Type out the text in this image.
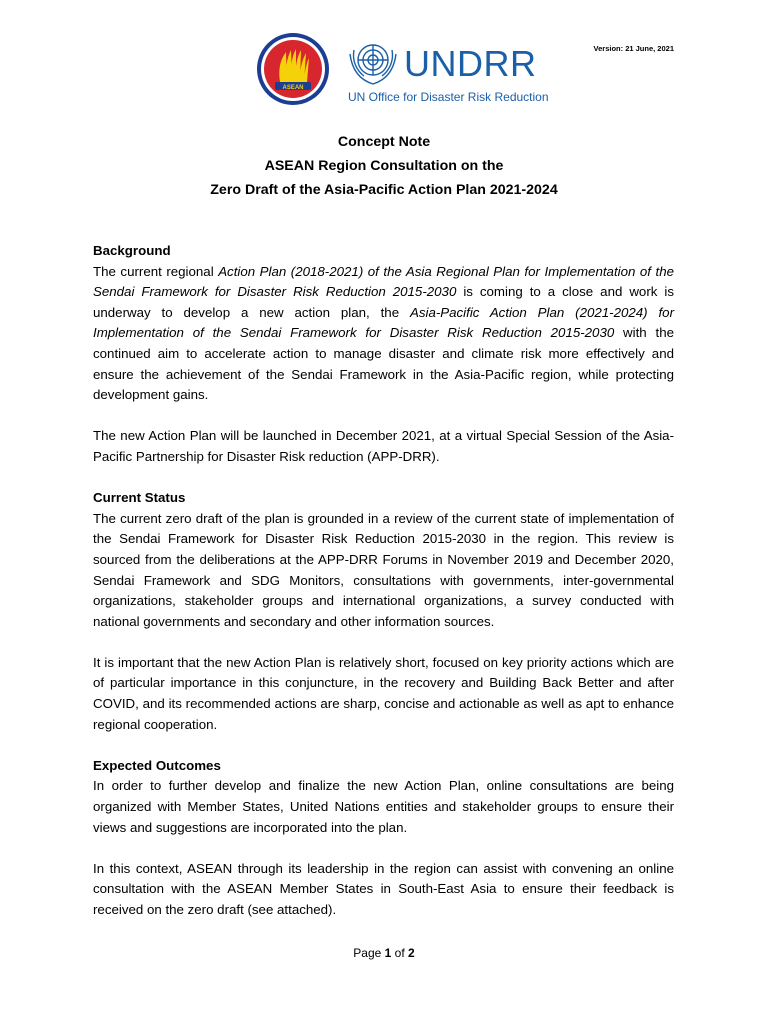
ASEAN
UNDRR
UN Office for Disaster Risk Reduction
Version: 21 June, 2021
Concept Note
ASEAN Region Consultation on the
Zero Draft of the Asia-Pacific Action Plan 2021-2024
Background

The current regional Action Plan (2018-2021) of the Asia Regional Plan for Implementation of the Sendai Framework for Disaster Risk Reduction 2015-2030 is coming to a close and work is underway to develop a new action plan, the Asia-Pacific Action Plan (2021-2024) for Implementation of the Sendai Framework for Disaster Risk Reduction 2015-2030 with the continued aim to accelerate action to manage disaster and climate risk more effectively and ensure the achievement of the Sendai Framework in the Asia-Pacific region, while protecting development gains.

The new Action Plan will be launched in December 2021, at a virtual Special Session of the Asia-Pacific Partnership for Disaster Risk reduction (APP-DRR).

Current Status

The current zero draft of the plan is grounded in a review of the current state of implementation of the Sendai Framework for Disaster Risk Reduction 2015-2030 in the region. This review is sourced from the deliberations at the APP-DRR Forums in November 2019 and December 2020, Sendai Framework and SDG Monitors, consultations with governments, inter-governmental organizations, stakeholder groups and international organizations, a survey conducted with national governments and secondary and other information sources.

It is important that the new Action Plan is relatively short, focused on key priority actions which are of particular importance in this conjuncture, in the recovery and Building Back Better and after COVID, and its recommended actions are sharp, concise and actionable as well as apt to enhance regional cooperation.

Expected Outcomes

In order to further develop and finalize the new Action Plan, online consultations are being organized with Member States, United Nations entities and stakeholder groups to ensure their views and suggestions are incorporated into the plan.

In this context, ASEAN through its leadership in the region can assist with convening an online consultation with the ASEAN Member States in South-East Asia to ensure their feedback is received on the zero draft (see attached).

Page 1 of 2
